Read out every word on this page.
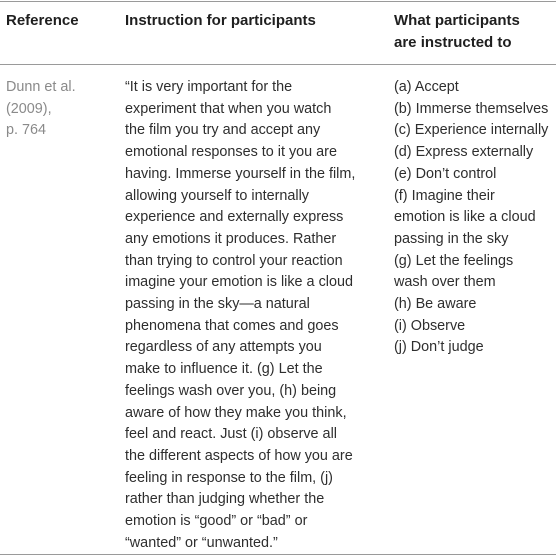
Reference	Instruction for participants	What participants
are instructed to
Dunn et al.
(2009),
p. 764
“It is very important for the
experiment that when you watch
the film you try and accept any
emotional responses to it you are
having. Immerse yourself in the film,
allowing yourself to internally
experience and externally express
any emotions it produces. Rather
than trying to control your reaction
imagine your emotion is like a cloud
passing in the sky—a natural
phenomena that comes and goes
regardless of any attempts you
make to influence it. (g) Let the
feelings wash over you, (h) being
aware of how they make you think,
feel and react. Just (i) observe all
the different aspects of how you are
feeling in response to the film, (j)
rather than judging whether the
emotion is “good” or “bad” or
“wanted” or “unwanted.”
(a) Accept
(b) Immerse themselves
(c) Experience internally
(d) Express externally
(e) Don’t control
(f) Imagine their
emotion is like a cloud
passing in the sky
(g) Let the feelings
wash over them
(h) Be aware
(i) Observe
(j) Don’t judge
